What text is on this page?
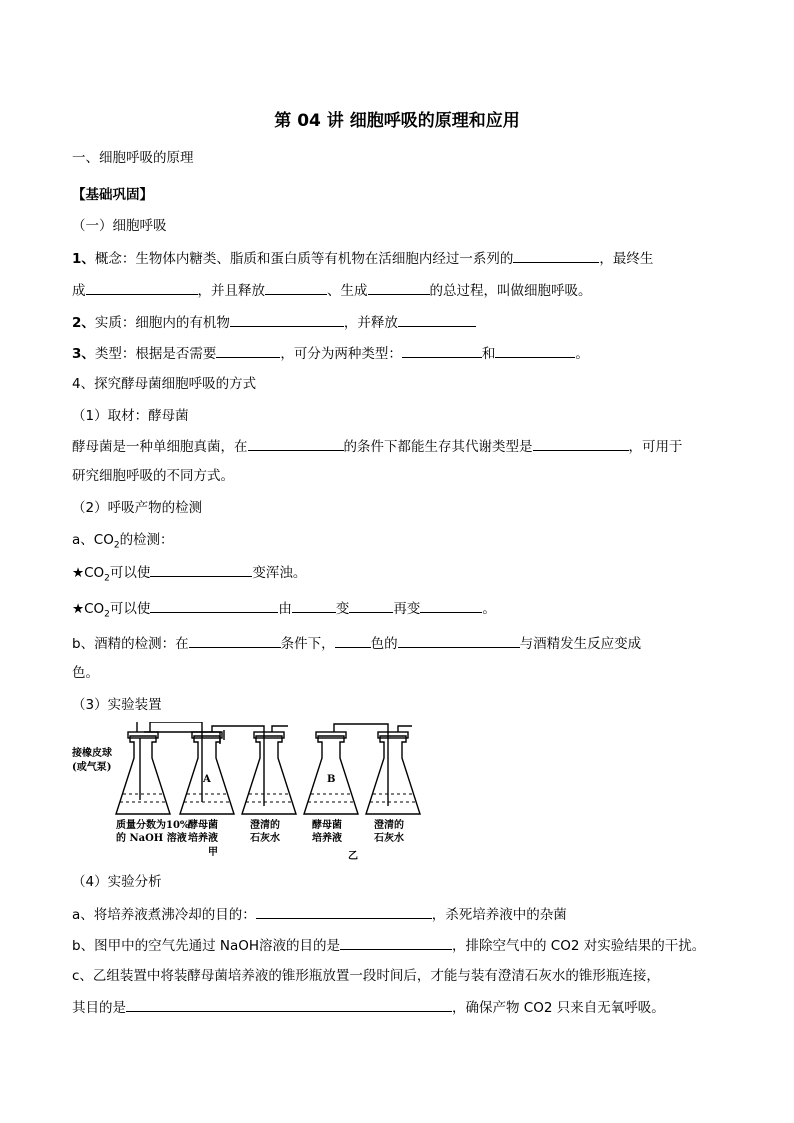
第 04 讲 细胞呼吸的原理和应用
一、细胞呼吸的原理
【基础巩固】
（一）细胞呼吸
1、概念：生物体内糖类、脂质和蛋白质等有机物在活细胞内经过一系列的	，最终生
成	，并且释放	、生成	的总过程，叫做细胞呼吸。
2、实质：细胞内的有机物	，并释放
3、类型：根据是否需要	，可分为两种类型：	和	。
4、探究酵母菌细胞呼吸的方式
（1）取材：酵母菌
酵母菌是一种单细胞真菌，在	的条件下都能生存其代谢类型是	，可用于
研究细胞呼吸的不同方式。
（2）呼吸产物的检测
a、$CO_2$的检测：
$★CO_2$可以使	变浑浊。
$★CO_2$可以使	由	变	再变	。
b、酒精的检测：在	条件下，	色的	与酒精发生反应变成
色。
（3）实验装置
接橡皮球
(或气泵)
A	B
质量分数为10%
的 NaOH 溶液
酵母菌
培养液
澄清的
石灰水
甲
酵母菌
培养液
澄清的
石灰水
乙
（4）实验分析
a、将培养液煮沸冷却的目的：	，杀死培养液中的杂菌
b、图甲中的空气先通过 NaOH溶液的目的是	，排除空气中的 CO2 对实验结果的干扰。
c、乙组装置中将装酵母菌培养液的锥形瓶放置一段时间后，才能与装有澄清石灰水的锥形瓶连接，
其目的是	，确保产物 CO2 只来自无氧呼吸。
